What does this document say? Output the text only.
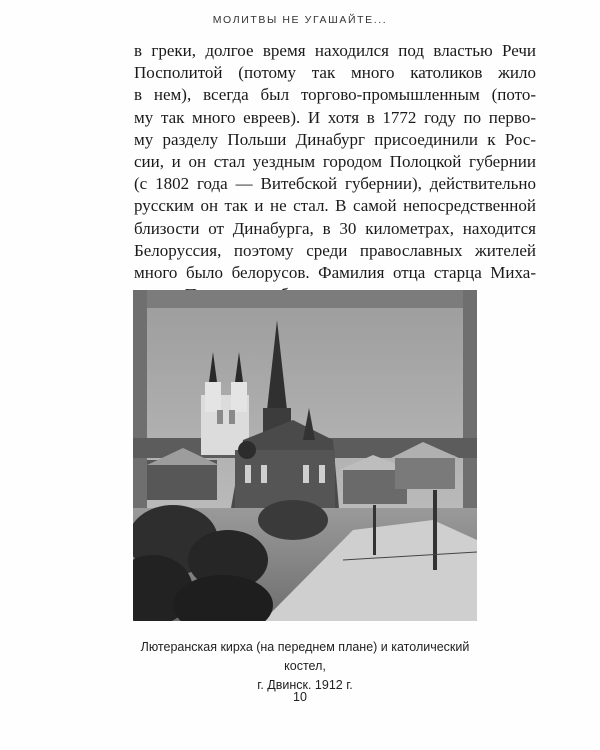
МОЛИТВЫ НЕ УГАШАЙТЕ...
в греки, долгое время находился под властью Речи
Посполитой (потому так много католиков жило
в нем), всегда был торгово-промышленным (пото-
му так много евреев). И хотя в 1772 году по перво-
му разделу Польши Динабург присоединили к Рос-
сии, и он стал уездным городом Полоцкой губернии
(с 1802 года — Витебской губернии), действительно
русским он так и не стал. В самой непосредственной
близости от Динабурга, в 30 километрах, находится
Белоруссия, поэтому среди православных жителей
много было белорусов. Фамилия отца старца Миха-
Лютеранская кирха (на переднем плане) и католический костел,
г. Двинск. 1912 г.
10
